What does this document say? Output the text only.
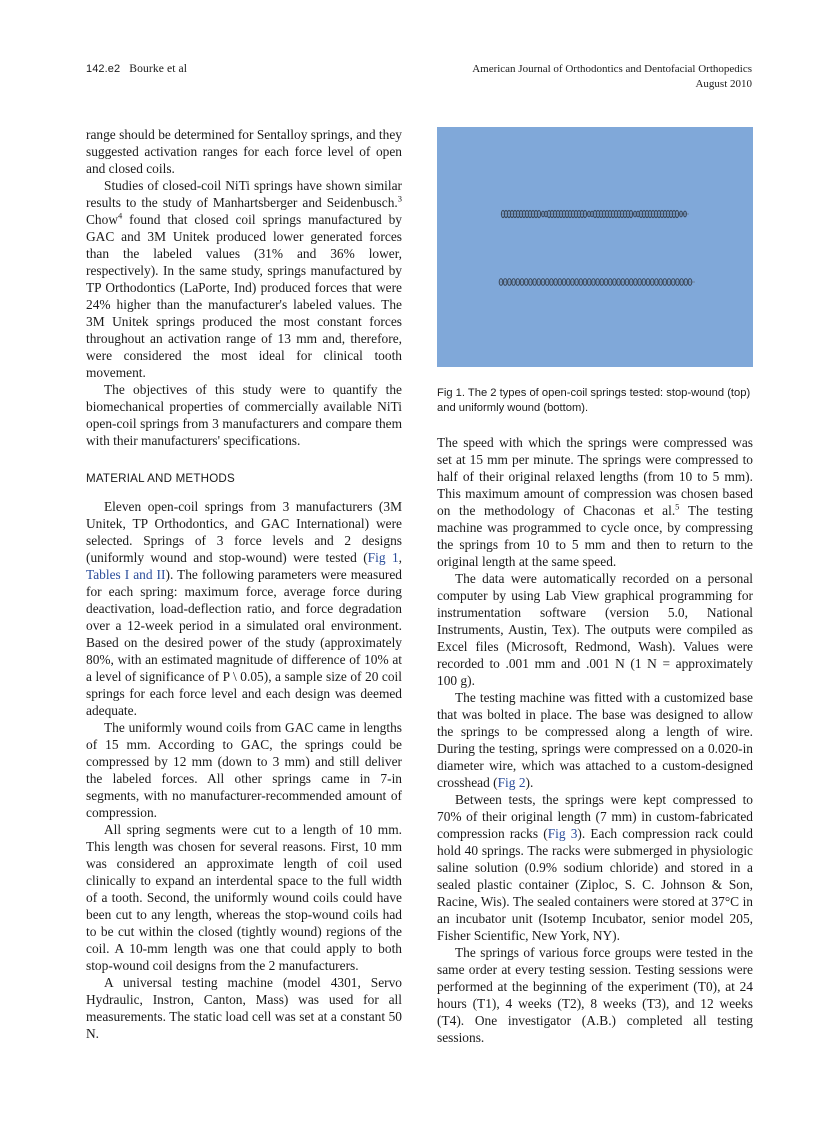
142.e2 Bourke et al	American Journal of Orthodontics and Dentofacial Orthopedics
August 2010

range should be determined for Sentalloy springs, and they suggested activation ranges for each force level of open and closed coils.

Studies of closed-coil NiTi springs have shown similar results to the study of Manhartsberger and Seidenbusch.$^3$ Chow$^4$ found that closed coil springs manufactured by GAC and 3M Unitek produced lower generated forces than the labeled values (31% and 36% lower, respectively). In the same study, springs manufactured by TP Orthodontics (LaPorte, Ind) produced forces that were 24% higher than the manufacturer's labeled values. The 3M Unitek springs produced the most constant forces throughout an activation range of 13 mm and, therefore, were considered the most ideal for clinical tooth movement.

The objectives of this study were to quantify the biomechanical properties of commercially available NiTi open-coil springs from 3 manufacturers and compare them with their manufacturers' specifications.

MATERIAL AND METHODS

Eleven open-coil springs from 3 manufacturers (3M Unitek, TP Orthodontics, and GAC International) were selected. Springs of 3 force levels and 2 designs (uniformly wound and stop-wound) were tested (Fig 1, Tables I and II). The following parameters were measured for each spring: maximum force, average force during deactivation, load-deflection ratio, and force degradation over a 12-week period in a simulated oral environment. Based on the desired power of the study (approximately 80%, with an estimated magnitude of difference of 10% at a level of significance of P \ 0.05), a sample size of 20 coil springs for each force level and each design was deemed adequate.

The uniformly wound coils from GAC came in lengths of 15 mm. According to GAC, the springs could be compressed by 12 mm (down to 3 mm) and still deliver the labeled forces. All other springs came in 7-in segments, with no manufacturer-recommended amount of compression.

All spring segments were cut to a length of 10 mm. This length was chosen for several reasons. First, 10 mm was considered an approximate length of coil used clinically to expand an interdental space to the full width of a tooth. Second, the uniformly wound coils could have been cut to any length, whereas the stop-wound coils had to be cut within the closed (tightly wound) regions of the coil. A 10-mm length was one that could apply to both stop-wound coil designs from the 2 manufacturers.

A universal testing machine (model 4301, Servo Hydraulic, Instron, Canton, Mass) was used for all measurements. The static load cell was set at a constant 50 N.

Fig 1. The 2 types of open-coil springs tested: stop-wound (top) and uniformly wound (bottom).

The speed with which the springs were compressed was set at 15 mm per minute. The springs were compressed to half of their original relaxed lengths (from 10 to 5 mm). This maximum amount of compression was chosen based on the methodology of Chaconas et al.$^5$ The testing machine was programmed to cycle once, by compressing the springs from 10 to 5 mm and then to return to the original length at the same speed.

The data were automatically recorded on a personal computer by using Lab View graphical programming for instrumentation software (version 5.0, National Instruments, Austin, Tex). The outputs were compiled as Excel files (Microsoft, Redmond, Wash). Values were recorded to .001 mm and .001 N (1 N = approximately 100 g).

The testing machine was fitted with a customized base that was bolted in place. The base was designed to allow the springs to be compressed along a length of wire. During the testing, springs were compressed on a 0.020-in diameter wire, which was attached to a custom-designed crosshead (Fig 2).

Between tests, the springs were kept compressed to 70% of their original length (7 mm) in custom-fabricated compression racks (Fig 3). Each compression rack could hold 40 springs. The racks were submerged in physiologic saline solution (0.9% sodium chloride) and stored in a sealed plastic container (Ziploc, S. C. Johnson & Son, Racine, Wis). The sealed containers were stored at 37°C in an incubator unit (Isotemp Incubator, senior model 205, Fisher Scientific, New York, NY).

The springs of various force groups were tested in the same order at every testing session. Testing sessions were performed at the beginning of the experiment (T0), at 24 hours (T1), 4 weeks (T2), 8 weeks (T3), and 12 weeks (T4). One investigator (A.B.) completed all testing sessions.
